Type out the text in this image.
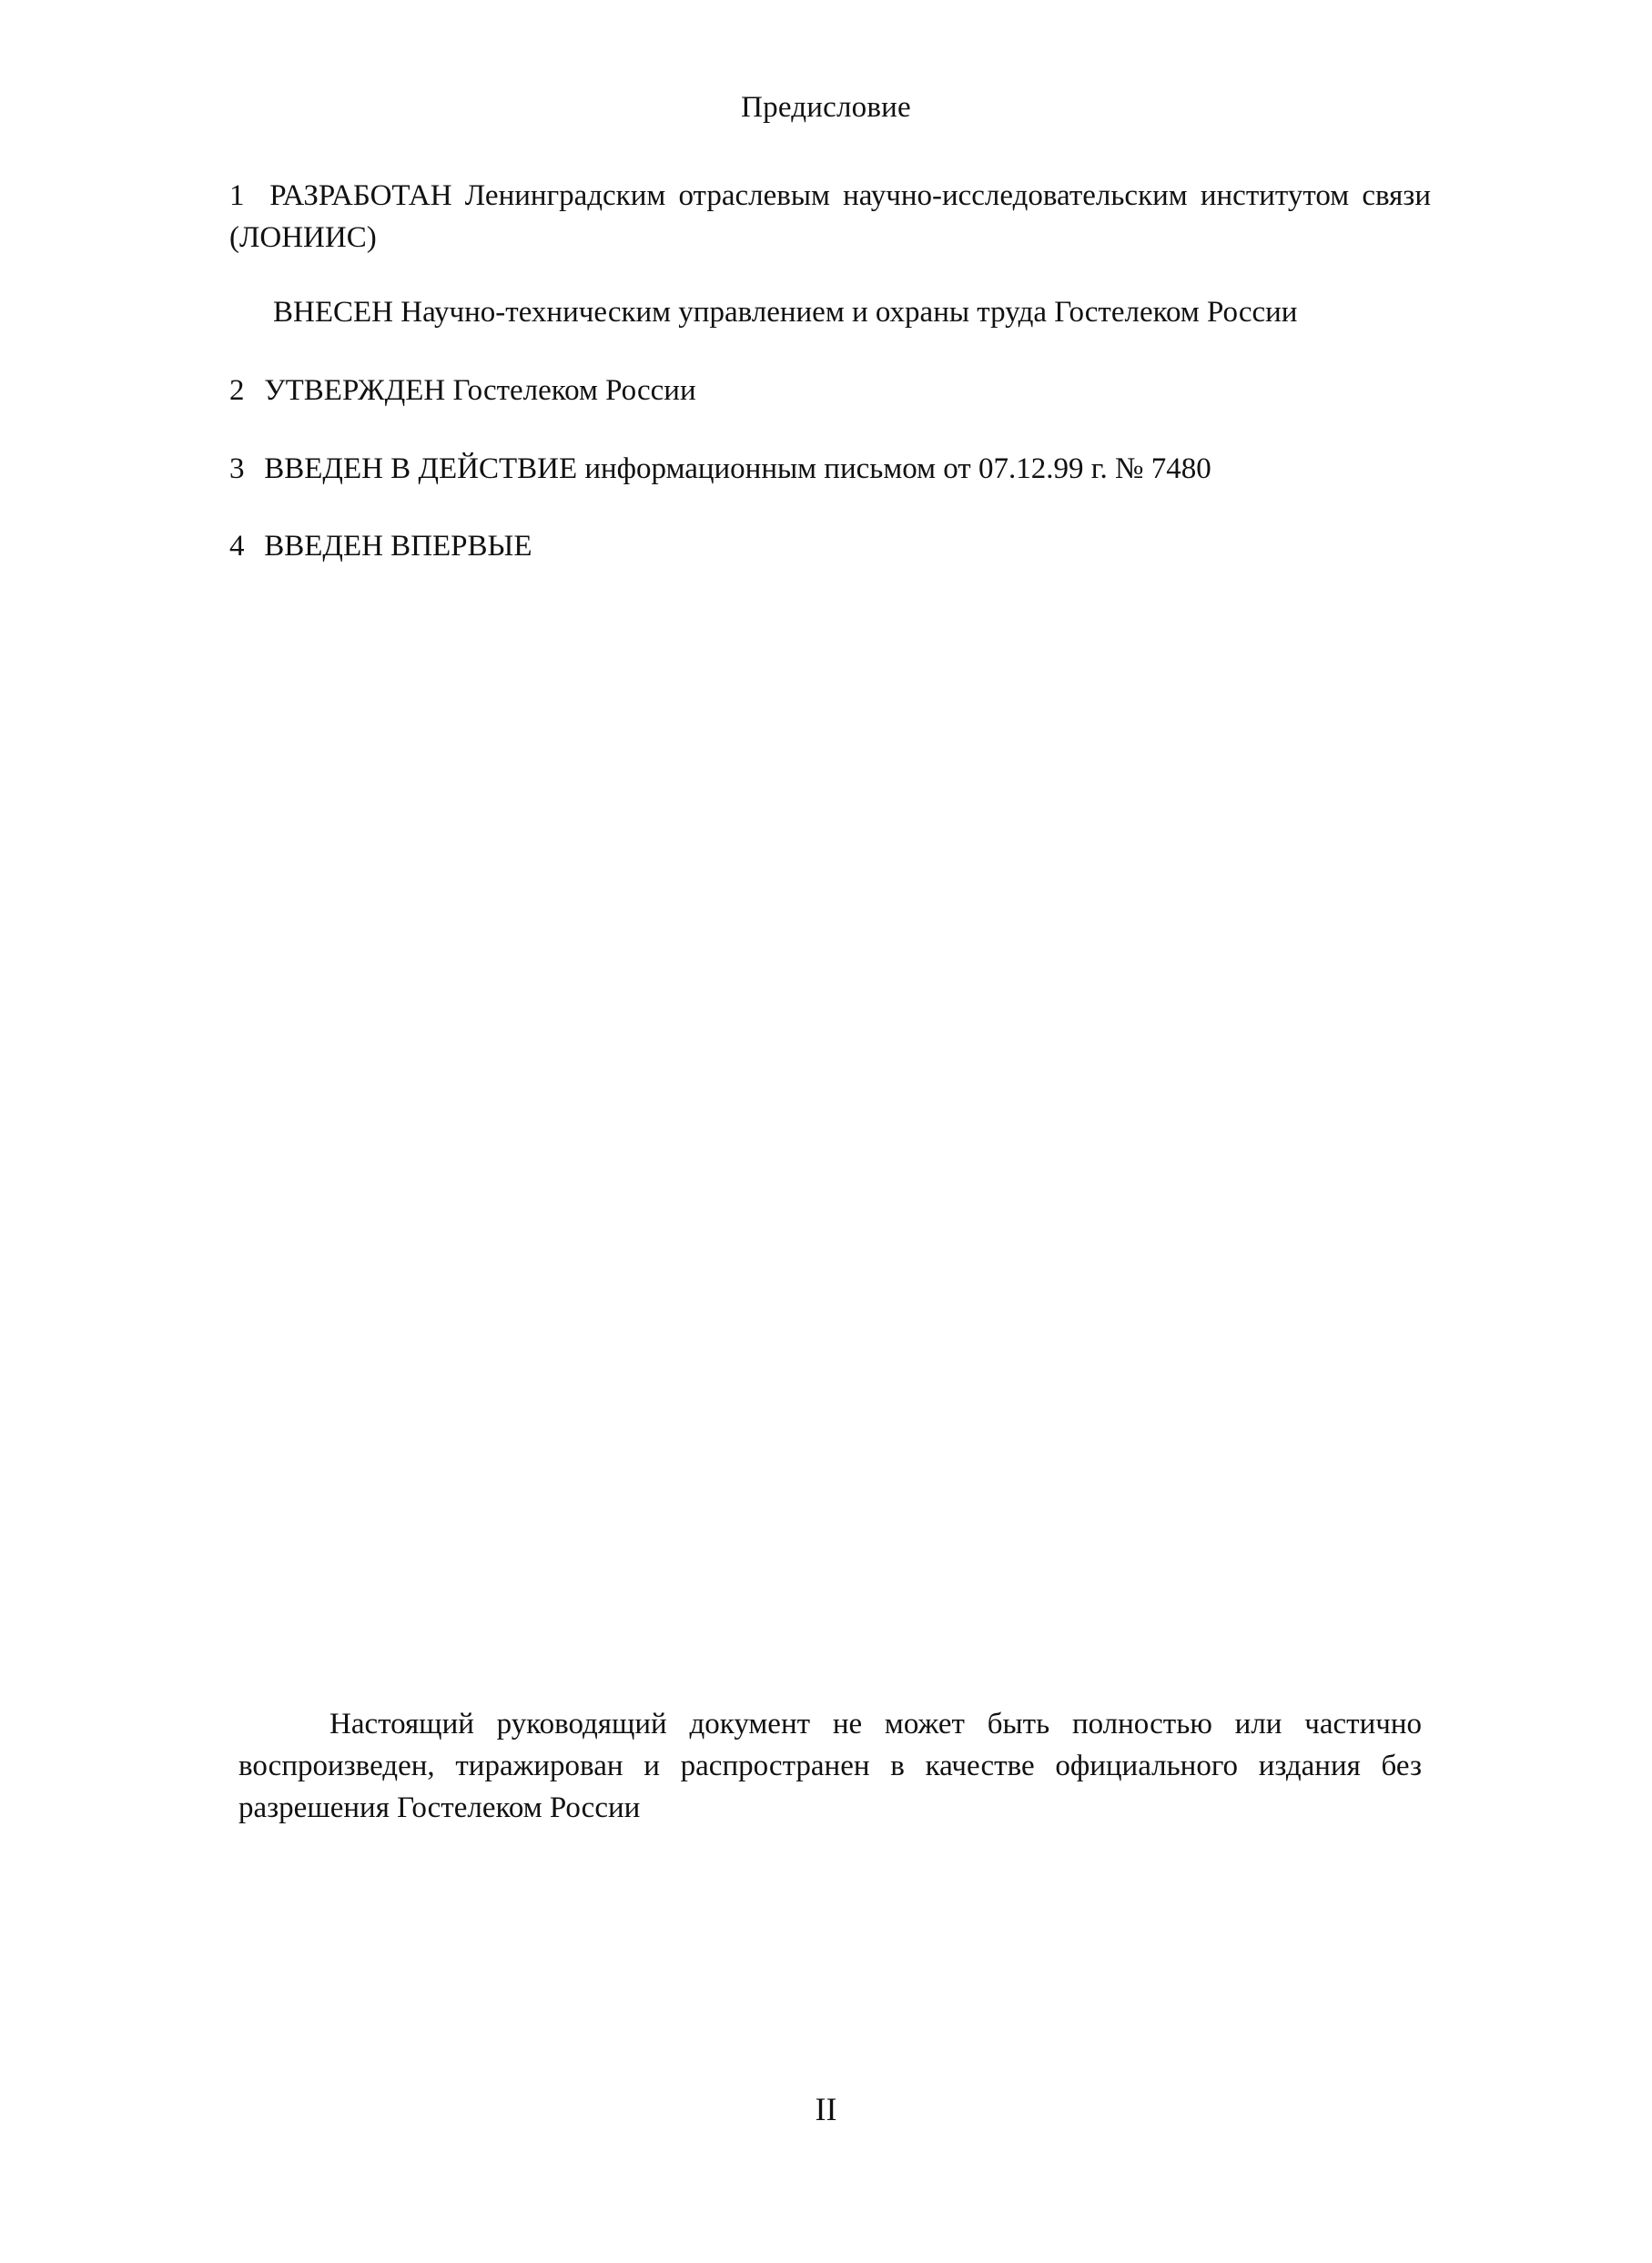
Предисловие
1 РАЗРАБОТАН Ленинградским отраслевым научно-исследовательским институтом связи (ЛОНИИС)
ВНЕСЕН Научно-техническим управлением и охраны труда Гостелеком России
2 УТВЕРЖДЕН Гостелеком России
3 ВВЕДЕН В ДЕЙСТВИЕ информационным письмом от 07.12.99 г. № 7480
4 ВВЕДЕН ВПЕРВЫЕ
Настоящий руководящий документ не может быть полностью или частично воспроизведен, тиражирован и распространен в качестве официального издания без разрешения Гостелеком России
II
